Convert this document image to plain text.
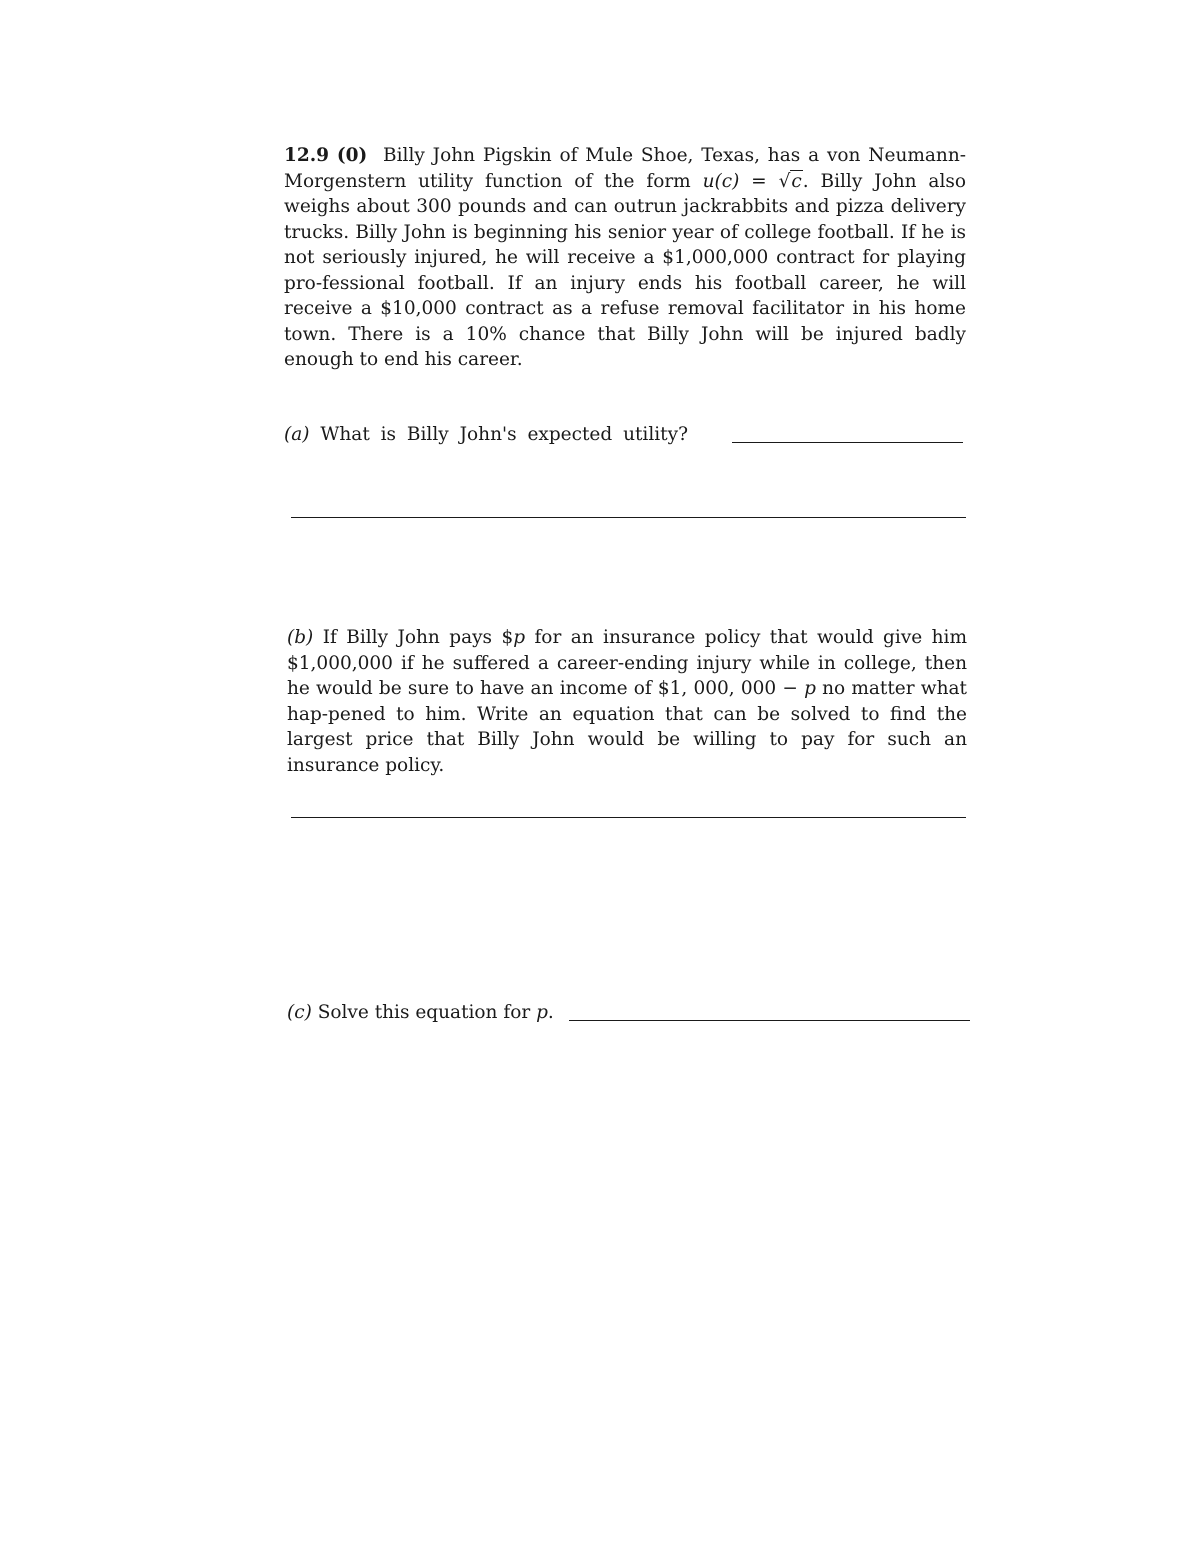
12.9 (0) Billy John Pigskin of Mule Shoe, Texas, has a von Neumann-Morgenstern utility function of the form u(c) = √c. Billy John also weighs about 300 pounds and can outrun jackrabbits and pizza delivery trucks. Billy John is beginning his senior year of college football. If he is not seriously injured, he will receive a $1,000,000 contract for playing pro-fessional football. If an injury ends his football career, he will receive a $10,000 contract as a refuse removal facilitator in his home town. There is a 10% chance that Billy John will be injured badly enough to end his career.
(a) What is Billy John's expected utility?
(b) If Billy John pays $p for an insurance policy that would give him $1,000,000 if he suffered a career-ending injury while in college, then he would be sure to have an income of $1, 000, 000 − p no matter what hap-pened to him. Write an equation that can be solved to find the largest price that Billy John would be willing to pay for such an insurance policy.
(c) Solve this equation for p.
